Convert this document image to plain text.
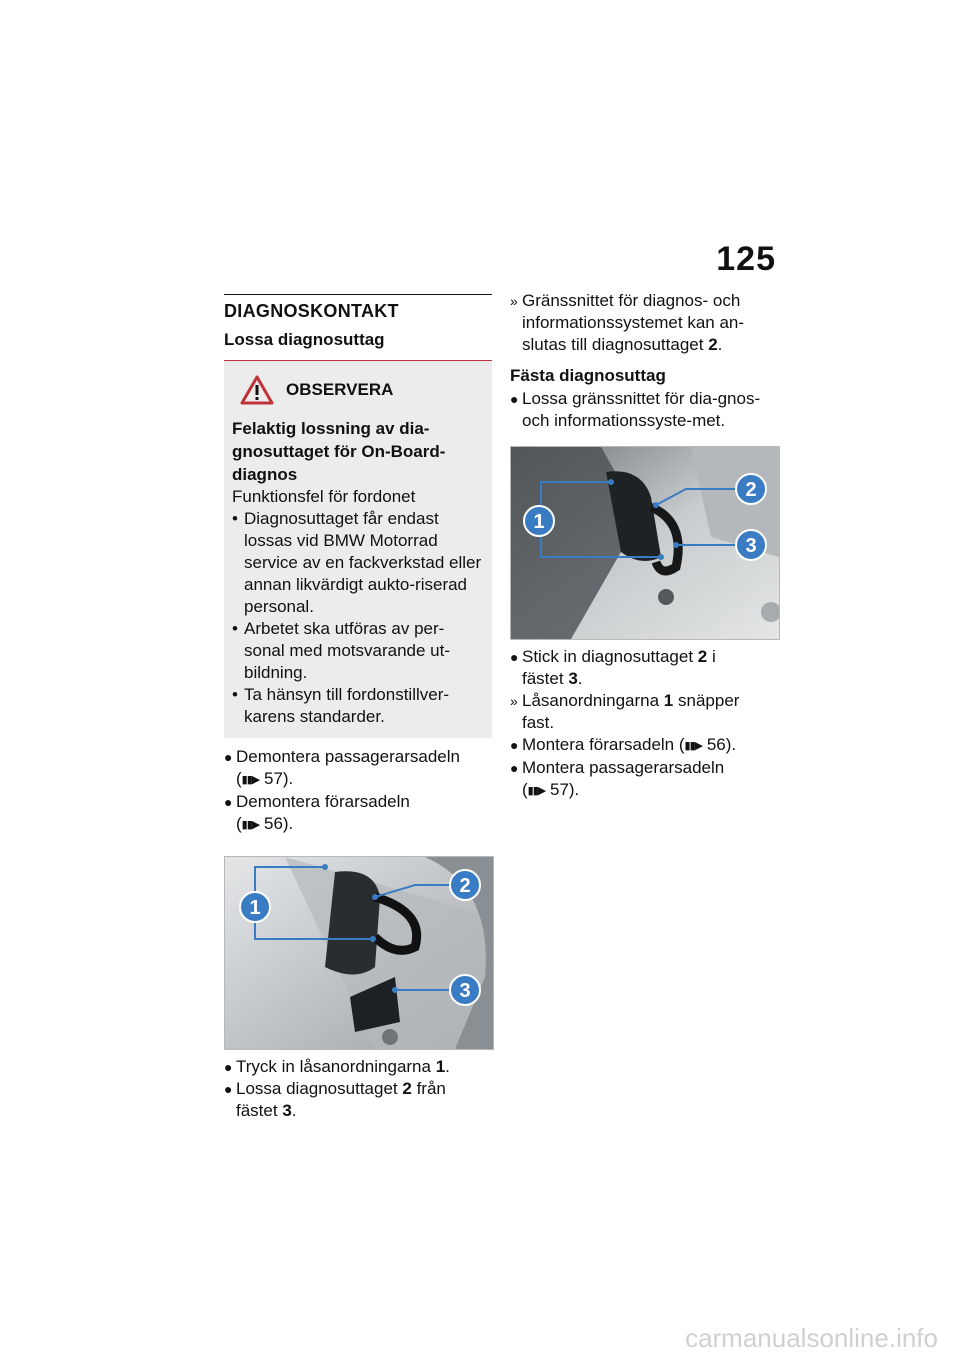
125
DIAGNOSKONTAKT
Lossa diagnosuttag
OBSERVERA
Felaktig lossning av dia-gnosuttaget för On-Board-diagnos
Funktionsfel för fordonet
• Diagnosuttaget får endast lossas vid BMW Motorrad service av en fackverkstad eller annan likvärdigt aukto-riserad personal.
• Arbetet ska utföras av per-sonal med motsvarande ut-bildning.
• Ta hänsyn till fordonstillver-karens standarder.
● Demontera passagerarsadeln
(▮▮▶ 57).
● Demontera förarsadeln
(▮▮▶ 56).
1
2
3
● Tryck in låsanordningarna 1.
● Lossa diagnosuttaget 2 från
fästet 3.
» Gränssnittet för diagnos- och informationssystemet kan an-slutas till diagnosuttaget 2.
Fästa diagnosuttag
● Lossa gränssnittet för dia-gnos- och informationssyste-met.
1
2
3
● Stick in diagnosuttaget 2 i
fästet 3.
» Låsanordningarna 1 snäpper
fast.
● Montera förarsadeln (▮▮▶ 56).
● Montera passagerarsadeln
(▮▮▶ 57).
carmanualsonline.info
